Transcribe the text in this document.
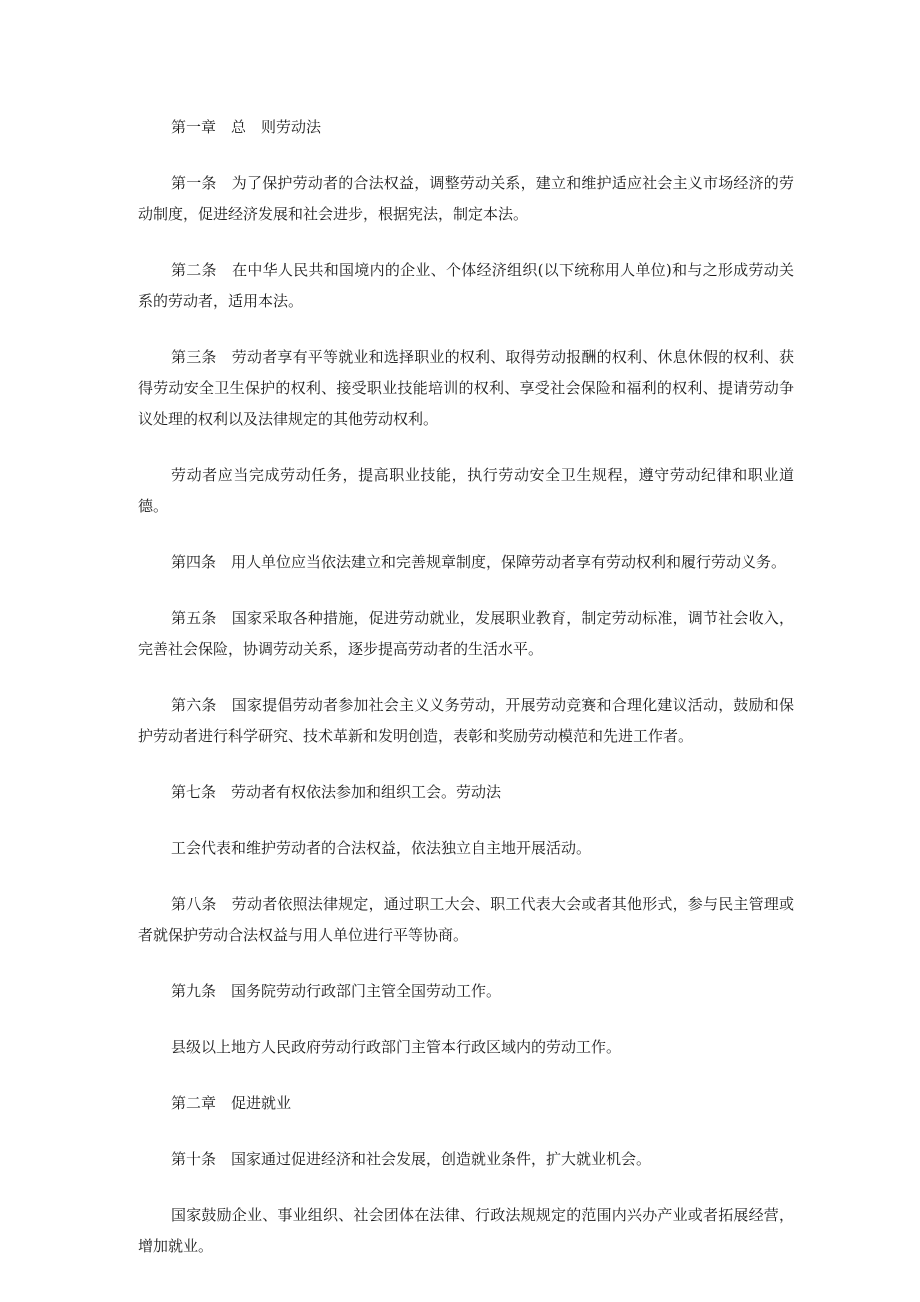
第一章　总　则劳动法

第一条　为了保护劳动者的合法权益，调整劳动关系，建立和维护适应社会主义市场经济的劳动制度，促进经济发展和社会进步，根据宪法，制定本法。

第二条　在中华人民共和国境内的企业、个体经济组织(以下统称用人单位)和与之形成劳动关系的劳动者，适用本法。

第三条　劳动者享有平等就业和选择职业的权利、取得劳动报酬的权利、休息休假的权利、获得劳动安全卫生保护的权利、接受职业技能培训的权利、享受社会保险和福利的权利、提请劳动争议处理的权利以及法律规定的其他劳动权利。

劳动者应当完成劳动任务，提高职业技能，执行劳动安全卫生规程，遵守劳动纪律和职业道德。

第四条　用人单位应当依法建立和完善规章制度，保障劳动者享有劳动权利和履行劳动义务。

第五条　国家采取各种措施，促进劳动就业，发展职业教育，制定劳动标准，调节社会收入，完善社会保险，协调劳动关系，逐步提高劳动者的生活水平。

第六条　国家提倡劳动者参加社会主义义务劳动，开展劳动竞赛和合理化建议活动，鼓励和保护劳动者进行科学研究、技术革新和发明创造，表彰和奖励劳动模范和先进工作者。

第七条　劳动者有权依法参加和组织工会。劳动法

工会代表和维护劳动者的合法权益，依法独立自主地开展活动。

第八条　劳动者依照法律规定，通过职工大会、职工代表大会或者其他形式，参与民主管理或者就保护劳动合法权益与用人单位进行平等协商。

第九条　国务院劳动行政部门主管全国劳动工作。

县级以上地方人民政府劳动行政部门主管本行政区域内的劳动工作。

第二章　促进就业

第十条　国家通过促进经济和社会发展，创造就业条件，扩大就业机会。

国家鼓励企业、事业组织、社会团体在法律、行政法规规定的范围内兴办产业或者拓展经营，增加就业。
